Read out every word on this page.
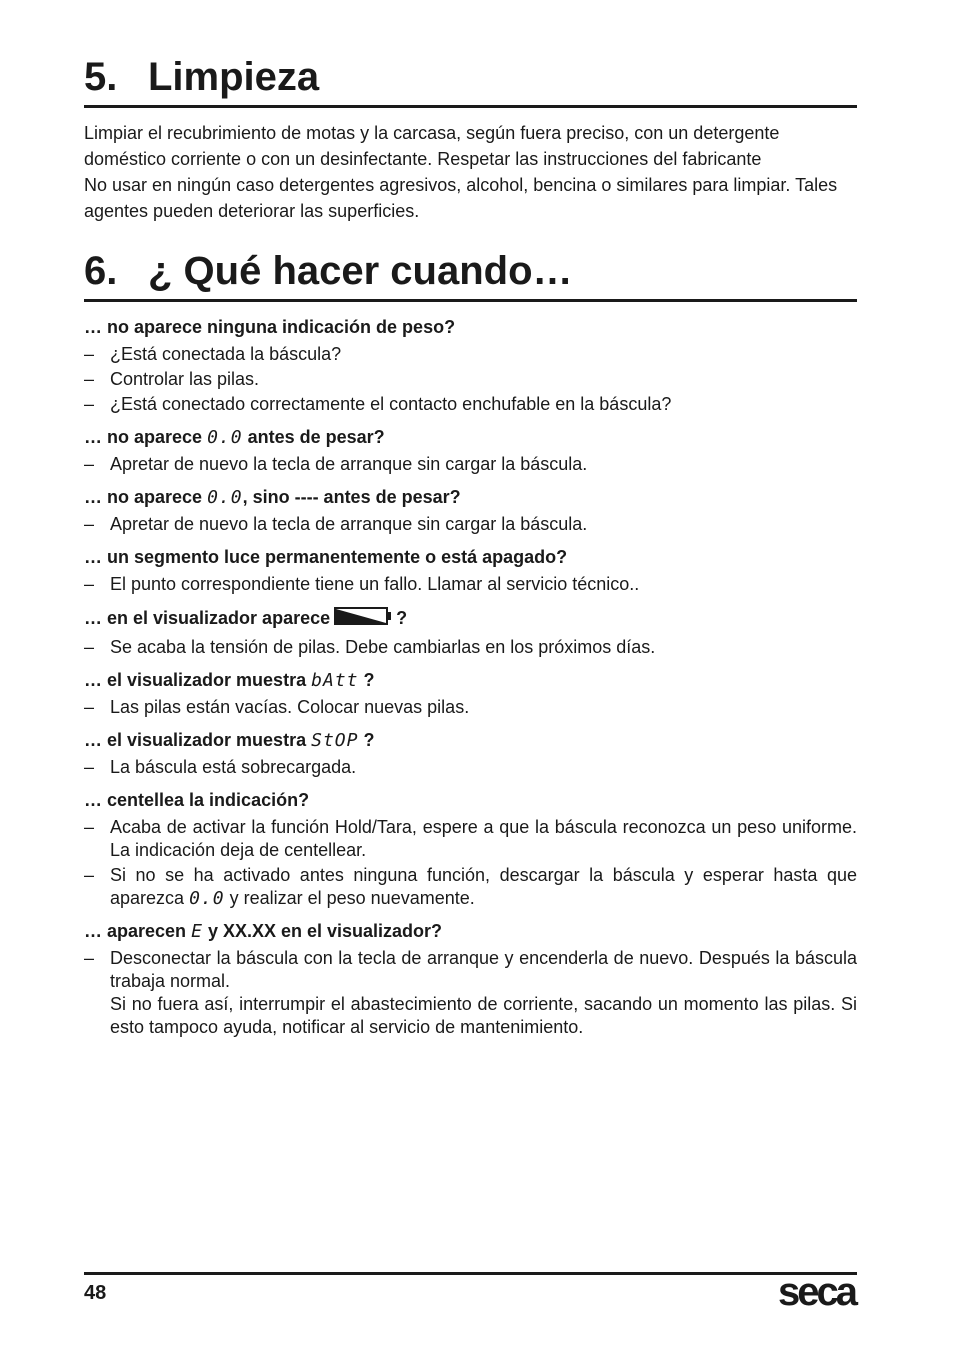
5. Limpieza

Limpiar el recubrimiento de motas y la carcasa, según fuera preciso, con un detergente doméstico corriente o con un desinfectante. Respetar las instrucciones del fabricante

No usar en ningún caso detergentes agresivos, alcohol, bencina o similares para limpiar. Tales agentes pueden deteriorar las superficies.

6. ¿ Qué hacer cuando…
… no aparece ninguna indicación de peso?
– ¿Está conectada la báscula?
– Controlar las pilas.
– ¿Está conectado correctamente el contacto enchufable en la báscula?
… no aparece 0.0 antes de pesar?
– Apretar de nuevo la tecla de arranque sin cargar la báscula.
… no aparece 0.0, sino ---- antes de pesar?
– Apretar de nuevo la tecla de arranque sin cargar la báscula.
… un segmento luce permanentemente o está apagado?
– El punto correspondiente tiene un fallo. Llamar al servicio técnico..
… en el visualizador aparece	?
– Se acaba la tensión de pilas. Debe cambiarlas en los próximos días.
… el visualizador muestra bAtt ?
– Las pilas están vacías. Colocar nuevas pilas.
… el visualizador muestra StOP ?
– La báscula está sobrecargada.
… centellea la indicación?
– Acaba de activar la función Hold/Tara, espere a que la báscula reconozca un peso uniforme. La indicación deja de centellear.
– Si no se ha activado antes ninguna función, descargar la báscula y esperar hasta que aparezca 0.0 y realizar el peso nuevamente.
… aparecen E y XX.XX en el visualizador?
– Desconectar la báscula con la tecla de arranque y encenderla de nuevo. Después la báscula trabaja normal.
Si no fuera así, interrumpir el abastecimiento de corriente, sacando un momento las pilas. Si esto tampoco ayuda, notificar al servicio de mantenimiento.
48	seca
